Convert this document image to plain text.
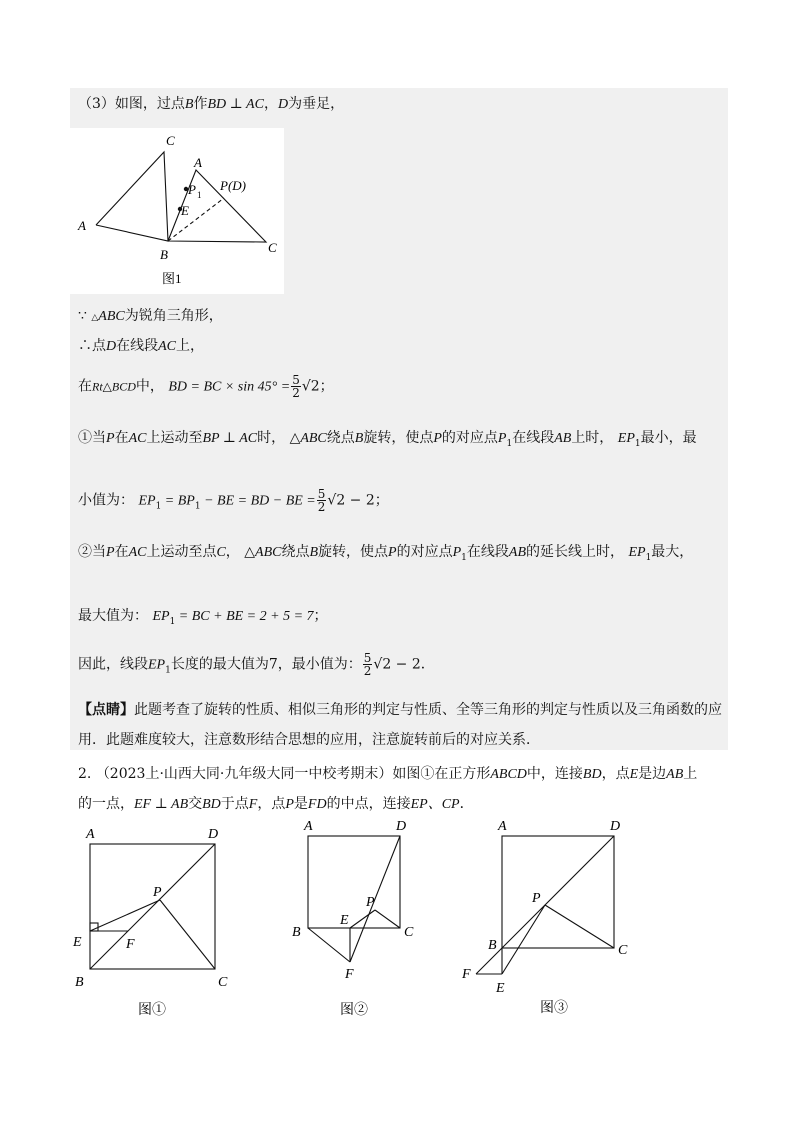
（3）如图，过点B作BD ⊥ AC，D为垂足，
C
A
P 1
P(D)
E
A
B	C
图1
∵ △ABC为锐角三角形，
∴点D在线段AC上，
在Rt△BCD中， BD = BC × $\sin 45^\circ = \frac{5}{2} √2$；
①当P在AC上运动至BP ⊥ AC时， △ABC绕点B旋转，使点P的对应点$P_1$在线段AB上时， $EP_1$最小，最
小值为： $EP_1 = BP_1$ − BE = BD − BE = $\frac{5}{2} √2 - 2$；
②当P在AC上运动至点C， △ABC绕点B旋转，使点P的对应点$P_1$在线段AB的延长线上时， $EP_1$最大，
最大值为： $EP_1$ = BC + BE = 2 + 5 = 7；
因此，线段$EP_1$长度的最大值为7，最小值为： $\frac{5}{2} √2 - 2$．
【点睛】此题考查了旋转的性质、相似三角形的判定与性质、全等三角形的判定与性质以及三角函数的应
用．此题难度较大，注意数形结合思想的应用，注意旋转前后的对应关系．
2. （2023上·山西大同·九年级大同一中校考期末）如图①在正方形ABCD中，连接BD，点E是边AB上
的一点，EF ⊥ AB交BD于点F，点P是FD的中点，连接EP、CP．
A	D
P
E	F
B	C
图①
A	D
P
E
B	C
F
图②
A	D
P
B	C
F
E
图③
